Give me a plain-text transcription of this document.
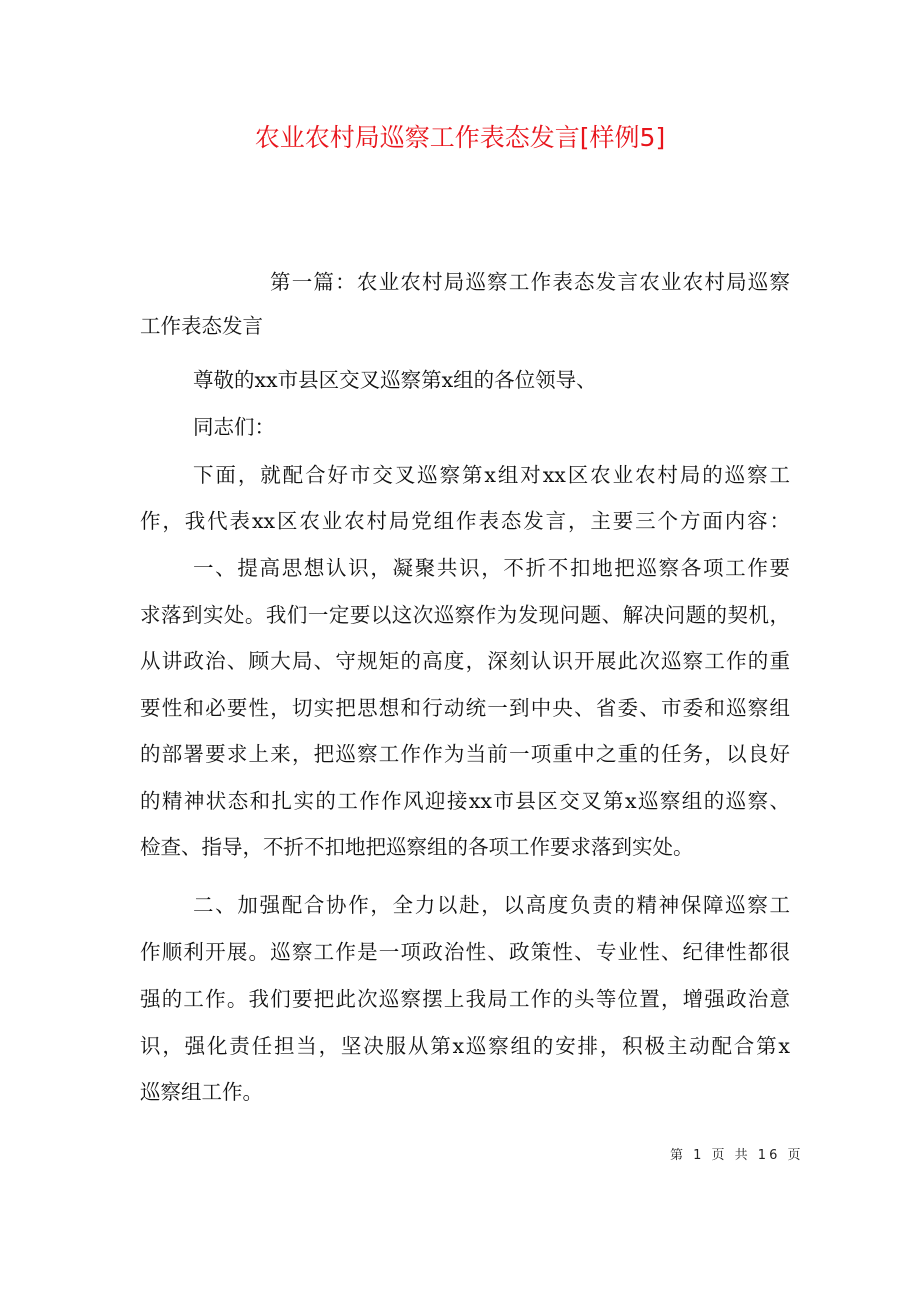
农业农村局巡察工作表态发言[样例5]
第一篇：农业农村局巡察工作表态发言农业农村局巡察
工作表态发言
尊敬的xx市县区交叉巡察第x组的各位领导、
同志们：
下面，就配合好市交叉巡察第x组对xx区农业农村局的巡察工
作，我代表xx区农业农村局党组作表态发言，主要三个方面内容：
一、提高思想认识，凝聚共识，不折不扣地把巡察各项工作要
求落到实处。我们一定要以这次巡察作为发现问题、解决问题的契机，
从讲政治、顾大局、守规矩的高度，深刻认识开展此次巡察工作的重
要性和必要性，切实把思想和行动统一到中央、省委、市委和巡察组
的部署要求上来，把巡察工作作为当前一项重中之重的任务，以良好
的精神状态和扎实的工作作风迎接xx市县区交叉第x巡察组的巡察、
检查、指导，不折不扣地把巡察组的各项工作要求落到实处。
二、加强配合协作，全力以赴，以高度负责的精神保障巡察工
作顺利开展。巡察工作是一项政治性、政策性、专业性、纪律性都很
强的工作。我们要把此次巡察摆上我局工作的头等位置，增强政治意
识，强化责任担当，坚决服从第x巡察组的安排，积极主动配合第x
巡察组工作。
第 1 页 共 16 页
